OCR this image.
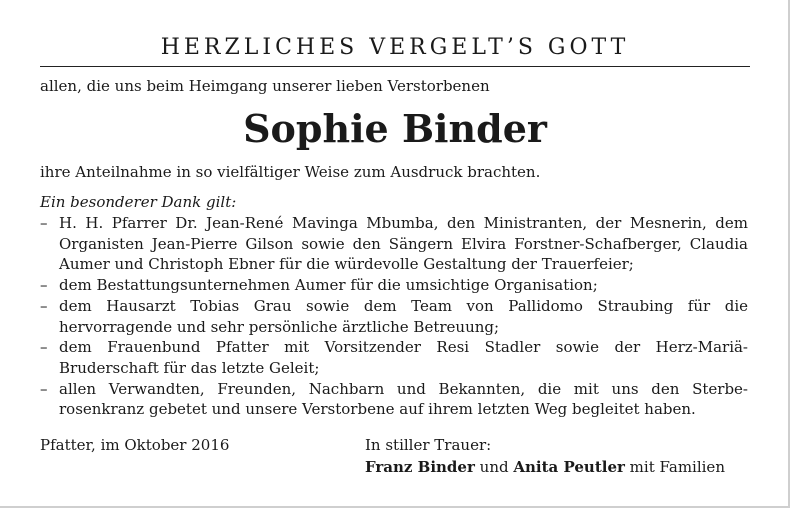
HERZLICHES VERGELT’S GOTT
allen, die uns beim Heimgang unserer lieben Verstorbenen
Sophie Binder
ihre Anteilnahme in so vielfältiger Weise zum Ausdruck brachten.
Ein besonderer Dank gilt:
– H. H. Pfarrer Dr. Jean-René Mavinga Mbumba, den Ministranten, der Mesnerin, dem Organisten Jean-Pierre Gilson sowie den Sängern Elvira Forstner-Schafberger, Claudia Aumer und Christoph Ebner für die würdevolle Gestaltung der Trauerfeier;
– dem Bestattungsunternehmen Aumer für die umsichtige Organisation;
– dem Hausarzt Tobias Grau sowie dem Team von Pallidomo Straubing für die hervorragende und sehr persönliche ärztliche Betreuung;
– dem Frauenbund Pfatter mit Vorsitzender Resi Stadler sowie der Herz-Mariä-Bruderschaft für das letzte Geleit;
– allen Verwandten, Freunden, Nachbarn und Bekannten, die mit uns den Sterbe-rosenkranz gebetet und unsere Verstorbene auf ihrem letzten Weg begleitet haben.
Pfatter, im Oktober 2016	In stiller Trauer:
Franz Binder und Anita Peutler mit Familien
